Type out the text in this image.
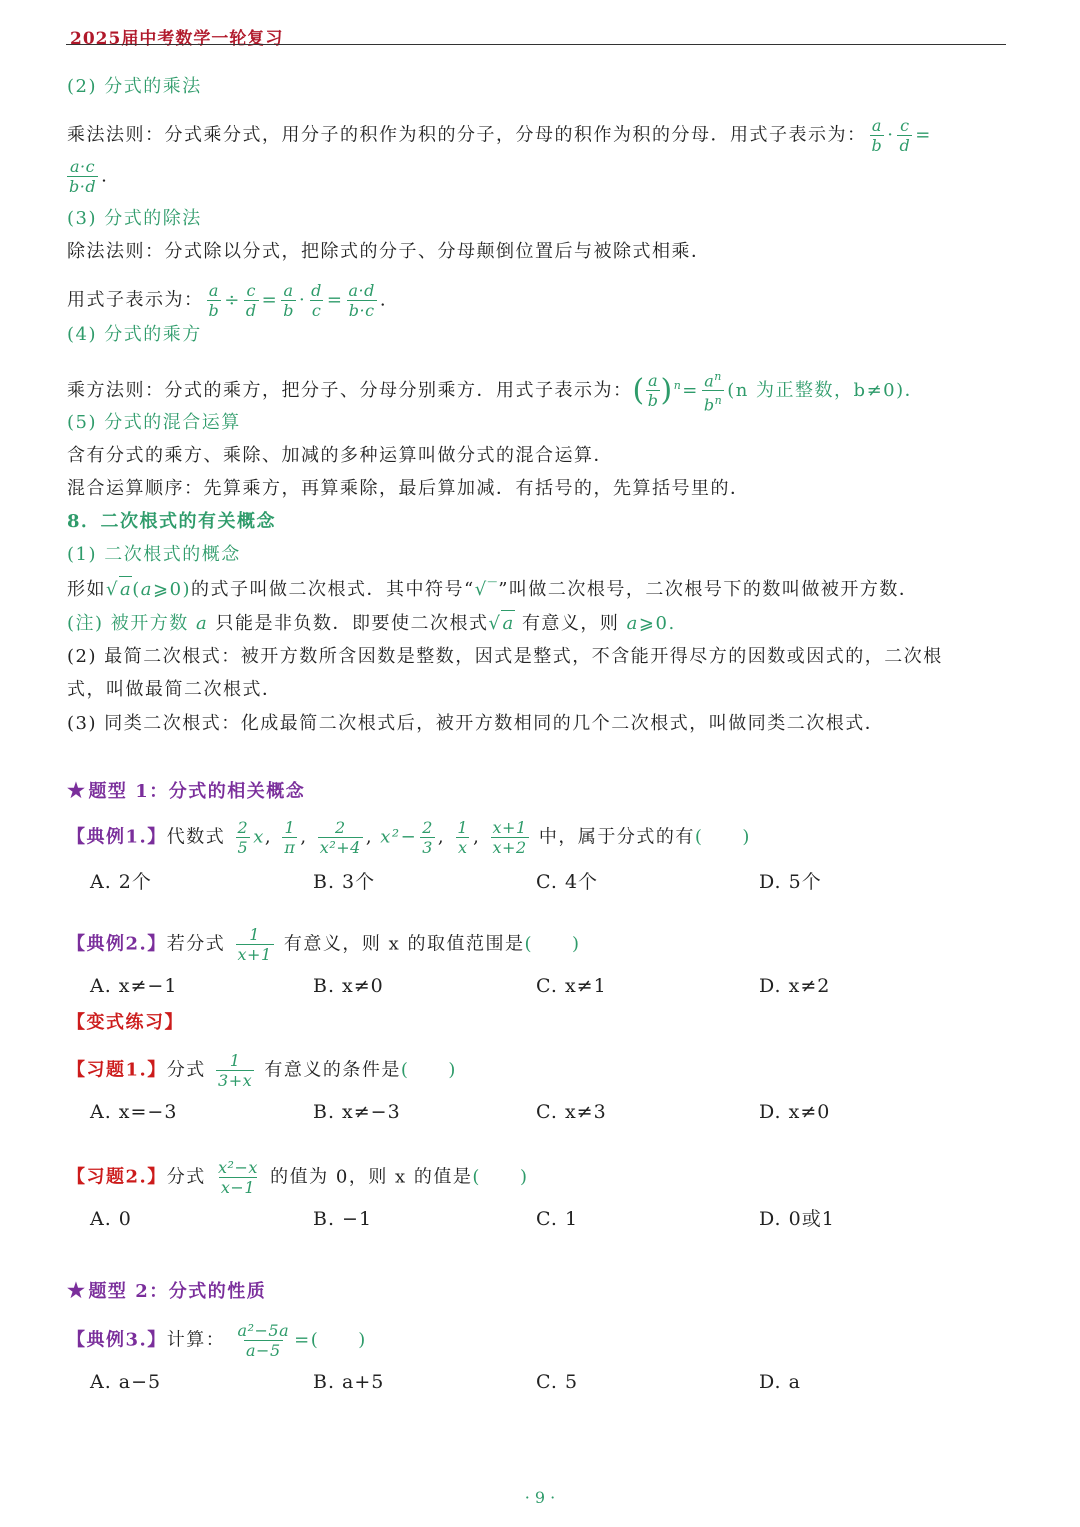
2025届中考数学一轮复习
(2) 分式的乘法
乘法法则：分式乘分式，用分子的积作为积的分子，分母的积作为积的分母．用式子表示为： $\frac{a}{b} \cdot \frac{c}{d}$ =
$\frac{a\cdot c}{b\cdot d}$ .
(3) 分式的除法
除法法则：分式除以分式，把除式的分子、分母颠倒位置后与被除式相乘．
用式子表示为： $\frac{a}{b} \div \frac{c}{d} = \frac{a}{b} \cdot \frac{d}{c} = \frac{a\cdot d}{b\cdot c}$ .
(4) 分式的乘方
乘方法则：分式的乘方，把分子、分母分别乘方．用式子表示为：( $\frac{a}{b} )^n= \frac{a^n}{b^n} (n$ 为正整数，b≠0)．
(5) 分式的混合运算
含有分式的乘方、乘除、加减的多种运算叫做分式的混合运算．
混合运算顺序：先算乘方，再算乘除，最后算加减．有括号的，先算括号里的．
8．二次根式的有关概念
(1) 二次根式的概念
形如√a(a⩾0)的式子叫做二次根式．其中符号“√‾”叫做二次根号，二次根号下的数叫做被开方数．
(注) 被开方数 a 只能是非负数．即要使二次根式√a 有意义，则 a⩾0.
(2) 最简二次根式：被开方数所含因数是整数，因式是整式，不含能开得尽方的因数或因式的，二次根
式，叫做最简二次根式．
(3) 同类二次根式：化成最简二次根式后，被开方数相同的几个二次根式，叫做同类二次根式．
★ 题型 1：分式的相关概念
【典例1.】代数式 $\frac{2}{5} x$, $\frac{1}{\pi}$ , $\frac{2}{\text{x²+4}}$ , $x^2- \frac{2}{3}$ , $\frac{1}{x}$ , $\frac{x+1}{x+2}$ 中，属于分式的有(　　)
A. 2个	B. 3个	C. 4个	D. 5个
【典例2.】若分式 $\frac{1}{x+1}$ 有意义，则 x 的取值范围是(　　)
A. x≠−1	B. x≠0	C. x≠1	D. x≠2
【变式练习】
【习题1.】分式 $\frac{1}{3+x}$ 有意义的条件是(　　)
A. x=−3	B. x≠−3	C. x≠3	D. x≠0
【习题2.】分式 $\frac{\text{x²−x}}{x-1}$ 的值为 0，则 x 的值是(　　)
A. 0	B. −1	C. 1	D. 0或1
★ 题型 2：分式的性质
【典例3.】计算： $\frac{\text{a²−5a}}{a-5}$ =(　　)
A. a−5	B. a+5	C. 5	D. a
· 9 ·
